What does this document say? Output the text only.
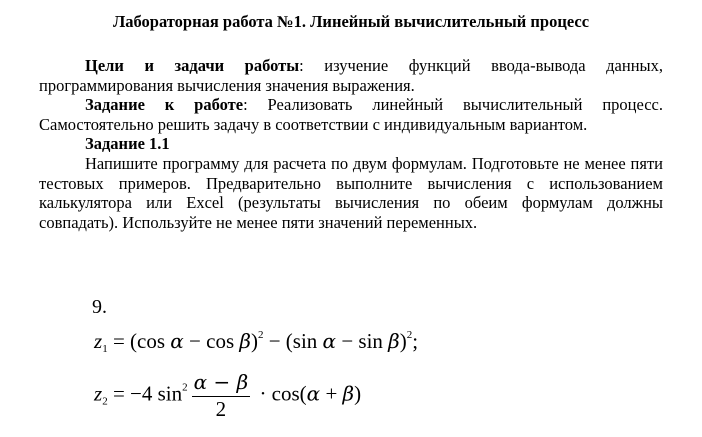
Лабораторная работа №1. Линейный вычислительный процесс

Цели и задачи работы: изучение функций ввода-вывода данных, программирования вычисления значения выражения.

Задание к работе: Реализовать линейный вычислительный процесс. Самостоятельно решить задачу в соответствии с индивидуальным вариантом.

Задание 1.1

Напишите программу для расчета по двум формулам. Подготовьте не менее пяти тестовых примеров. Предварительно выполните вычисления с использованием калькулятора или Excel (результаты вычисления по обеим формулам должны совпадать). Используйте не менее пяти значений переменных.

9.
$z_1 = (\cos$ α − cos β)$^2$ − (sin α − sin β)$^2$;
$z_2 = -4$ $\sin^2 \frac{\alpha - \beta}{2} \cdot \cos(\alpha + \beta)$
